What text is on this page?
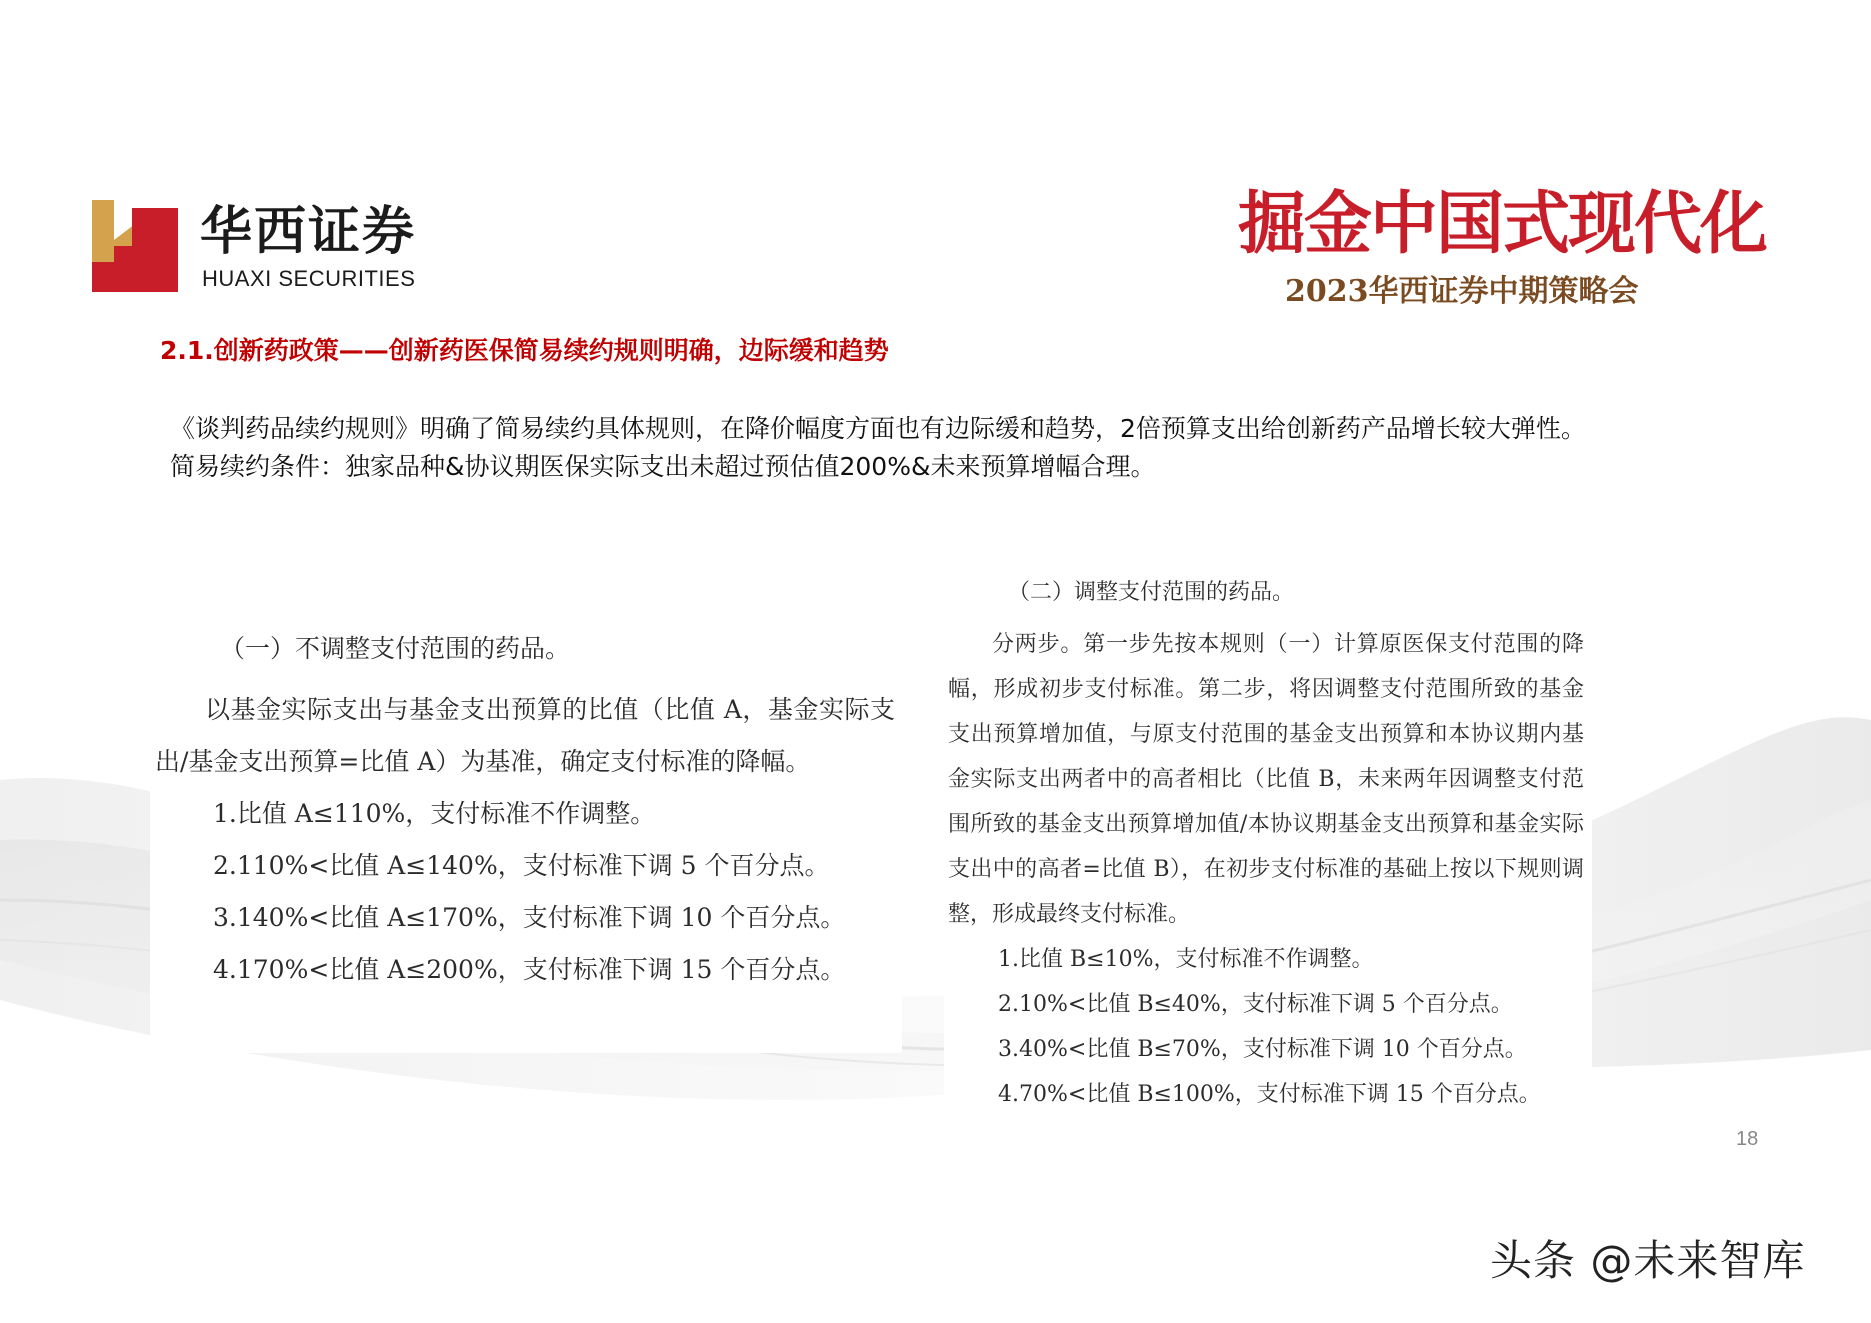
华西证券
HUAXI SECURITIES
掘金中国式现代化
2023华西证券中期策略会
2.1.创新药政策——创新药医保简易续约规则明确，边际缓和趋势

《谈判药品续约规则》明确了简易续约具体规则，在降价幅度方面也有边际缓和趋势，2倍预算支出给创新药产品增长较大弹性。

简易续约条件：独家品种&协议期医保实际支出未超过预估值200%&未来预算增幅合理。

（一）不调整支付范围的药品。

以基金实际支出与基金支出预算的比值（比值 A，基金实际支出/基金支出预算=比值 A）为基准，确定支付标准的降幅。

1.比值 A≤110%，支付标准不作调整。
2.110%<比值 A≤140%，支付标准下调 5 个百分点。
3.140%<比值 A≤170%，支付标准下调 10 个百分点。
4.170%<比值 A≤200%，支付标准下调 15 个百分点。
（二）调整支付范围的药品。

分两步。第一步先按本规则（一）计算原医保支付范围的降幅，形成初步支付标准。第二步，将因调整支付范围所致的基金支出预算增加值，与原支付范围的基金支出预算和本协议期内基金实际支出两者中的高者相比（比值 B，未来两年因调整支付范围所致的基金支出预算增加值/本协议期基金支出预算和基金实际支出中的高者=比值 B），在初步支付标准的基础上按以下规则调整，形成最终支付标准。

1.比值 B≤10%，支付标准不作调整。
2.10%<比值 B≤40%，支付标准下调 5 个百分点。
3.40%<比值 B≤70%，支付标准下调 10 个百分点。
4.70%<比值 B≤100%，支付标准下调 15 个百分点。
18
头条 @未来智库
